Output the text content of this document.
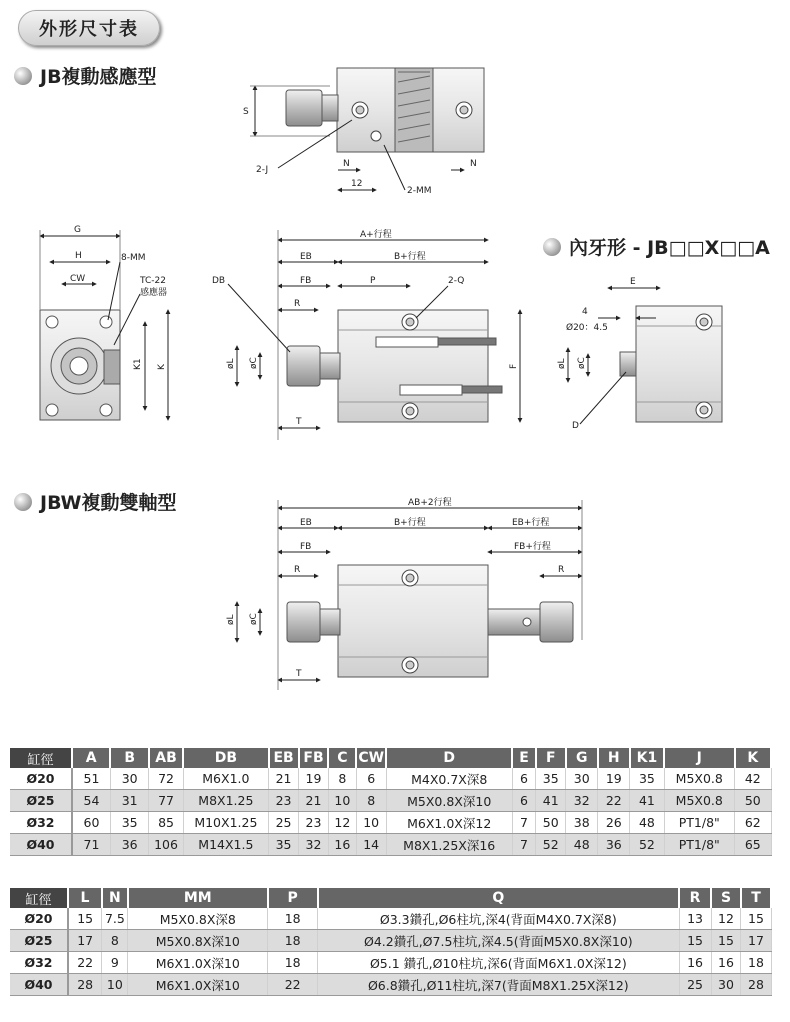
外形尺寸表
JB複動感應型
內牙形 - JB□□X□□A
JBW複動雙軸型
S
2-J
N	N
12
2-MM
G
H	8-MM
CW	TC-22
感應器
K1 K
A+行程
EB	B+行程
DB	FB	P	2-Q
R
øL øC	F
T
E
4
Ø20：4.5
øL øC
D
AB+2行程
EB	B+行程	EB+行程
FB	FB+行程
R	R
øL øC
T
缸徑	A	B	AB	DB	EB	FB	C	CW	D	E	F	G	H	K1	J	K
Ø20	51	30	72	M6X1.0	21	19	8	6	M4X0.7X深8	6	35	30	19	35	M5X0.8	42
Ø25	54	31	77	M8X1.25	23	21	10	8	M5X0.8X深10	6	41	32	22	41	M5X0.8	50
Ø32	60	35	85	M10X1.25	25	23	12	10	M6X1.0X深12	7	50	38	26	48	PT1/8"	62
Ø40	71	36	106	M14X1.5	35	32	16	14	M8X1.25X深16	7	52	48	36	52	PT1/8"	65
缸徑	L	N	MM	P	Q	R	S	T
Ø20	15	7.5	M5X0.8X深8	18	Ø3.3鑽孔,Ø6柱坑,深4(背面M4X0.7X深8)	13	12	15
Ø25	17	8	M5X0.8X深10	18	Ø4.2鑽孔,Ø7.5柱坑,深4.5(背面M5X0.8X深10)	15	15	17
Ø32	22	9	M6X1.0X深10	18	Ø5.1 鑽孔,Ø10柱坑,深6(背面M6X1.0X深12)	16	16	18
Ø40	28	10	M6X1.0X深10	22	Ø6.8鑽孔,Ø11柱坑,深7(背面M8X1.25X深12)	25	30	28
